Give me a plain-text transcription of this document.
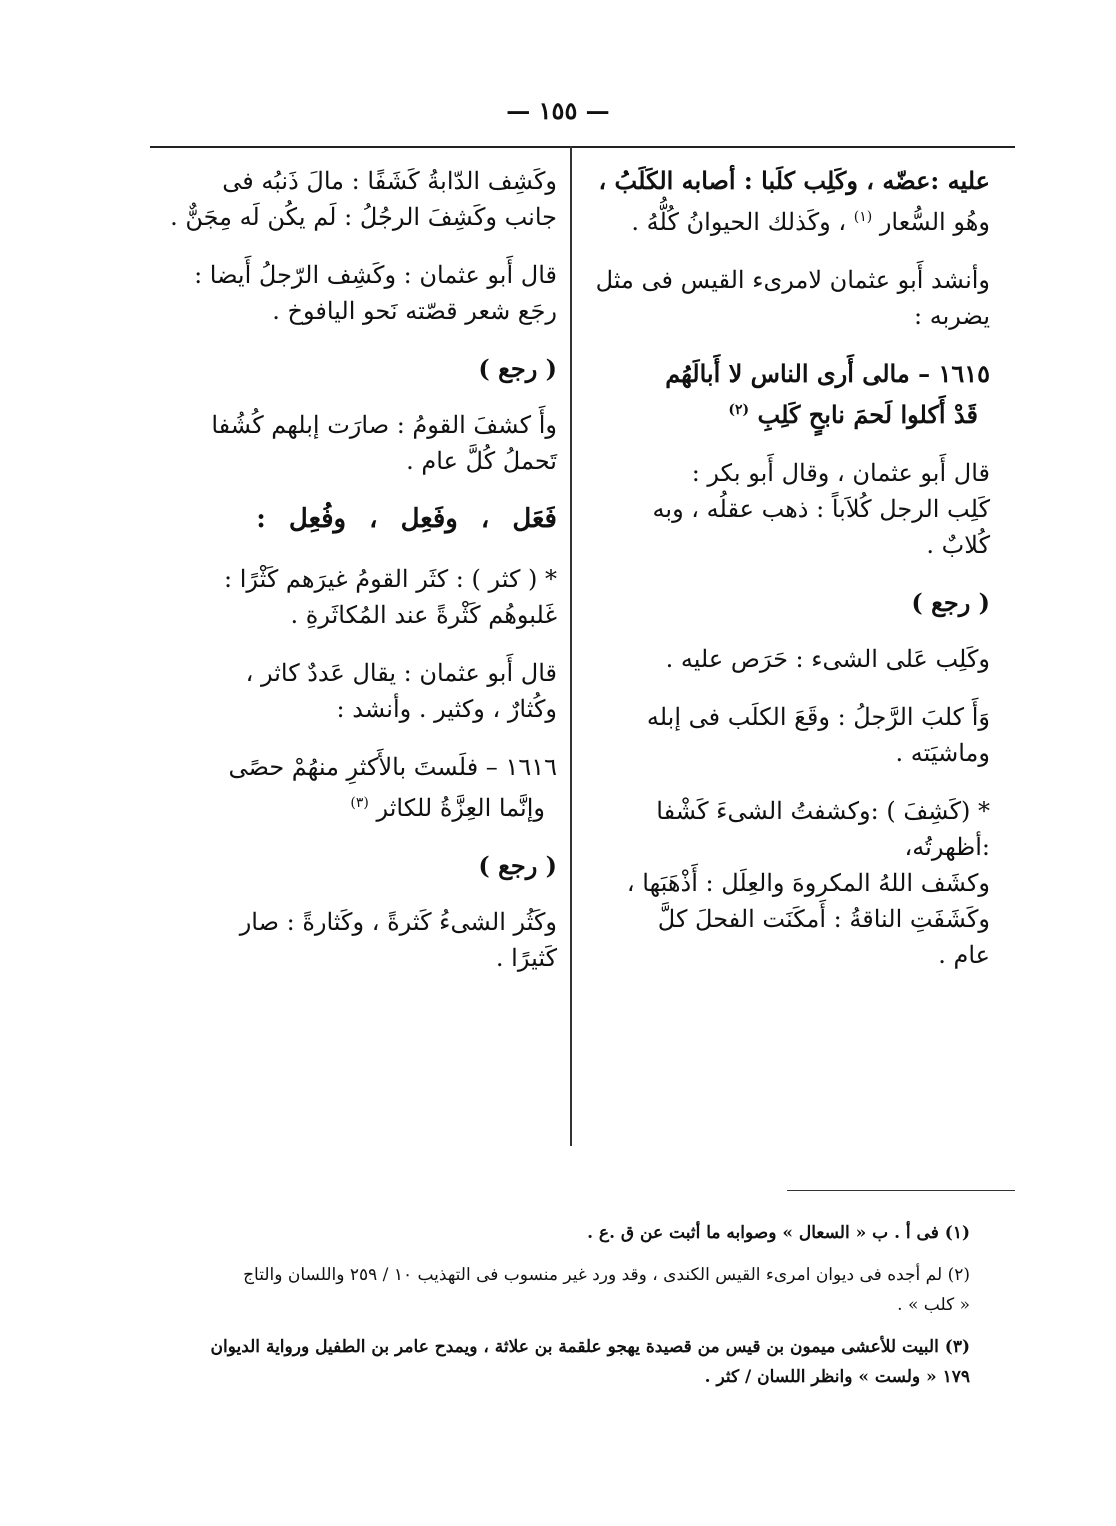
— ١٥٥ —

عليه :عضّه ، وكَلِب كلَبا : أصابه الكَلَبُ ،
وهُو السُّعار $^{(١)}$ ، وكَذلك الحيوانُ كُلُّهُ .

وأنشد أَبو عثمان لامرىء القيس فى مثل
يضربه :

١٦١٥ – مالى أَرى الناس لا أَبالَهُم
قَدْ أَكلوا لَحمَ نابحٍ كَلِبِ $^{(٢)}$

قال أَبو عثمان ، وقال أَبو بكر :
كَلِب الرجل كُلاَباً : ذهب عقلُه ، وبه
كُلابٌ .

( رجع )

وكَلِب عَلى الشىء : حَرَص عليه .

وَأَ كلبَ الرَّجلُ : وقَعَ الكلَب فى إبله
وماشيَته .

* (كَشِفَ ) :وكشفتُ الشىءَ كَشْفا :أظهرتُه،
وكشَف اللهُ المكروهَ والعِلَل : أَذْهَبَها ،
وكَشَفَتِ الناقةُ : أَمكَنَت الفحلَ كلَّ
عام .

وكَشِف الدّابةُ كَشَفًا : مالَ ذَنبُه فى
جانب وكَشِفَ الرجُلُ : لَم يكُن لَه مِجَنٌّ .

قال أَبو عثمان : وكَشِف الرّجلُ أَيضا :
رجَع شعر قصّته نَحو اليافوخ .

( رجع )

وأَ كشفَ القومُ : صارَت إبلهم كُشُفا
تَحملُ كُلَّ عام .

فَعَل ، وفَعِل ، وفُعِل :

* ( كثر ) : كثَر القومُ غيرَهم كَثْرًا :
غَلبوهُم كَثْرةً عند المُكاثَرةِ .

قال أَبو عثمان : يقال عَددٌ كاثر ،
وكُثارٌ ، وكثير . وأنشد :

١٦١٦ – فلَستَ بالأَكثرِ منهُمْ حصًى
وإنَّما العِزَّةُ للكاثر $^{(٣)}$

( رجع )

وكَثُر الشىءُ كَثرةً ، وكَثارةً : صار
كَثيرًا .

(١) فى أ . ب « السعال » وصوابه ما أثبت عن ق .ع .
(٢) لم أجده فى ديوان امرىء القيس الكندى ، وقد ورد غير منسوب فى التهذيب ١٠ / ٢٥٩ واللسان والتاج
« كلب » .
(٣) البيت للأعشى ميمون بن قيس من قصيدة يهجو علقمة بن علاثة ، ويمدح عامر بن الطفيل ورواية الديوان
١٧٩ « ولست » وانظر اللسان / كثر .
